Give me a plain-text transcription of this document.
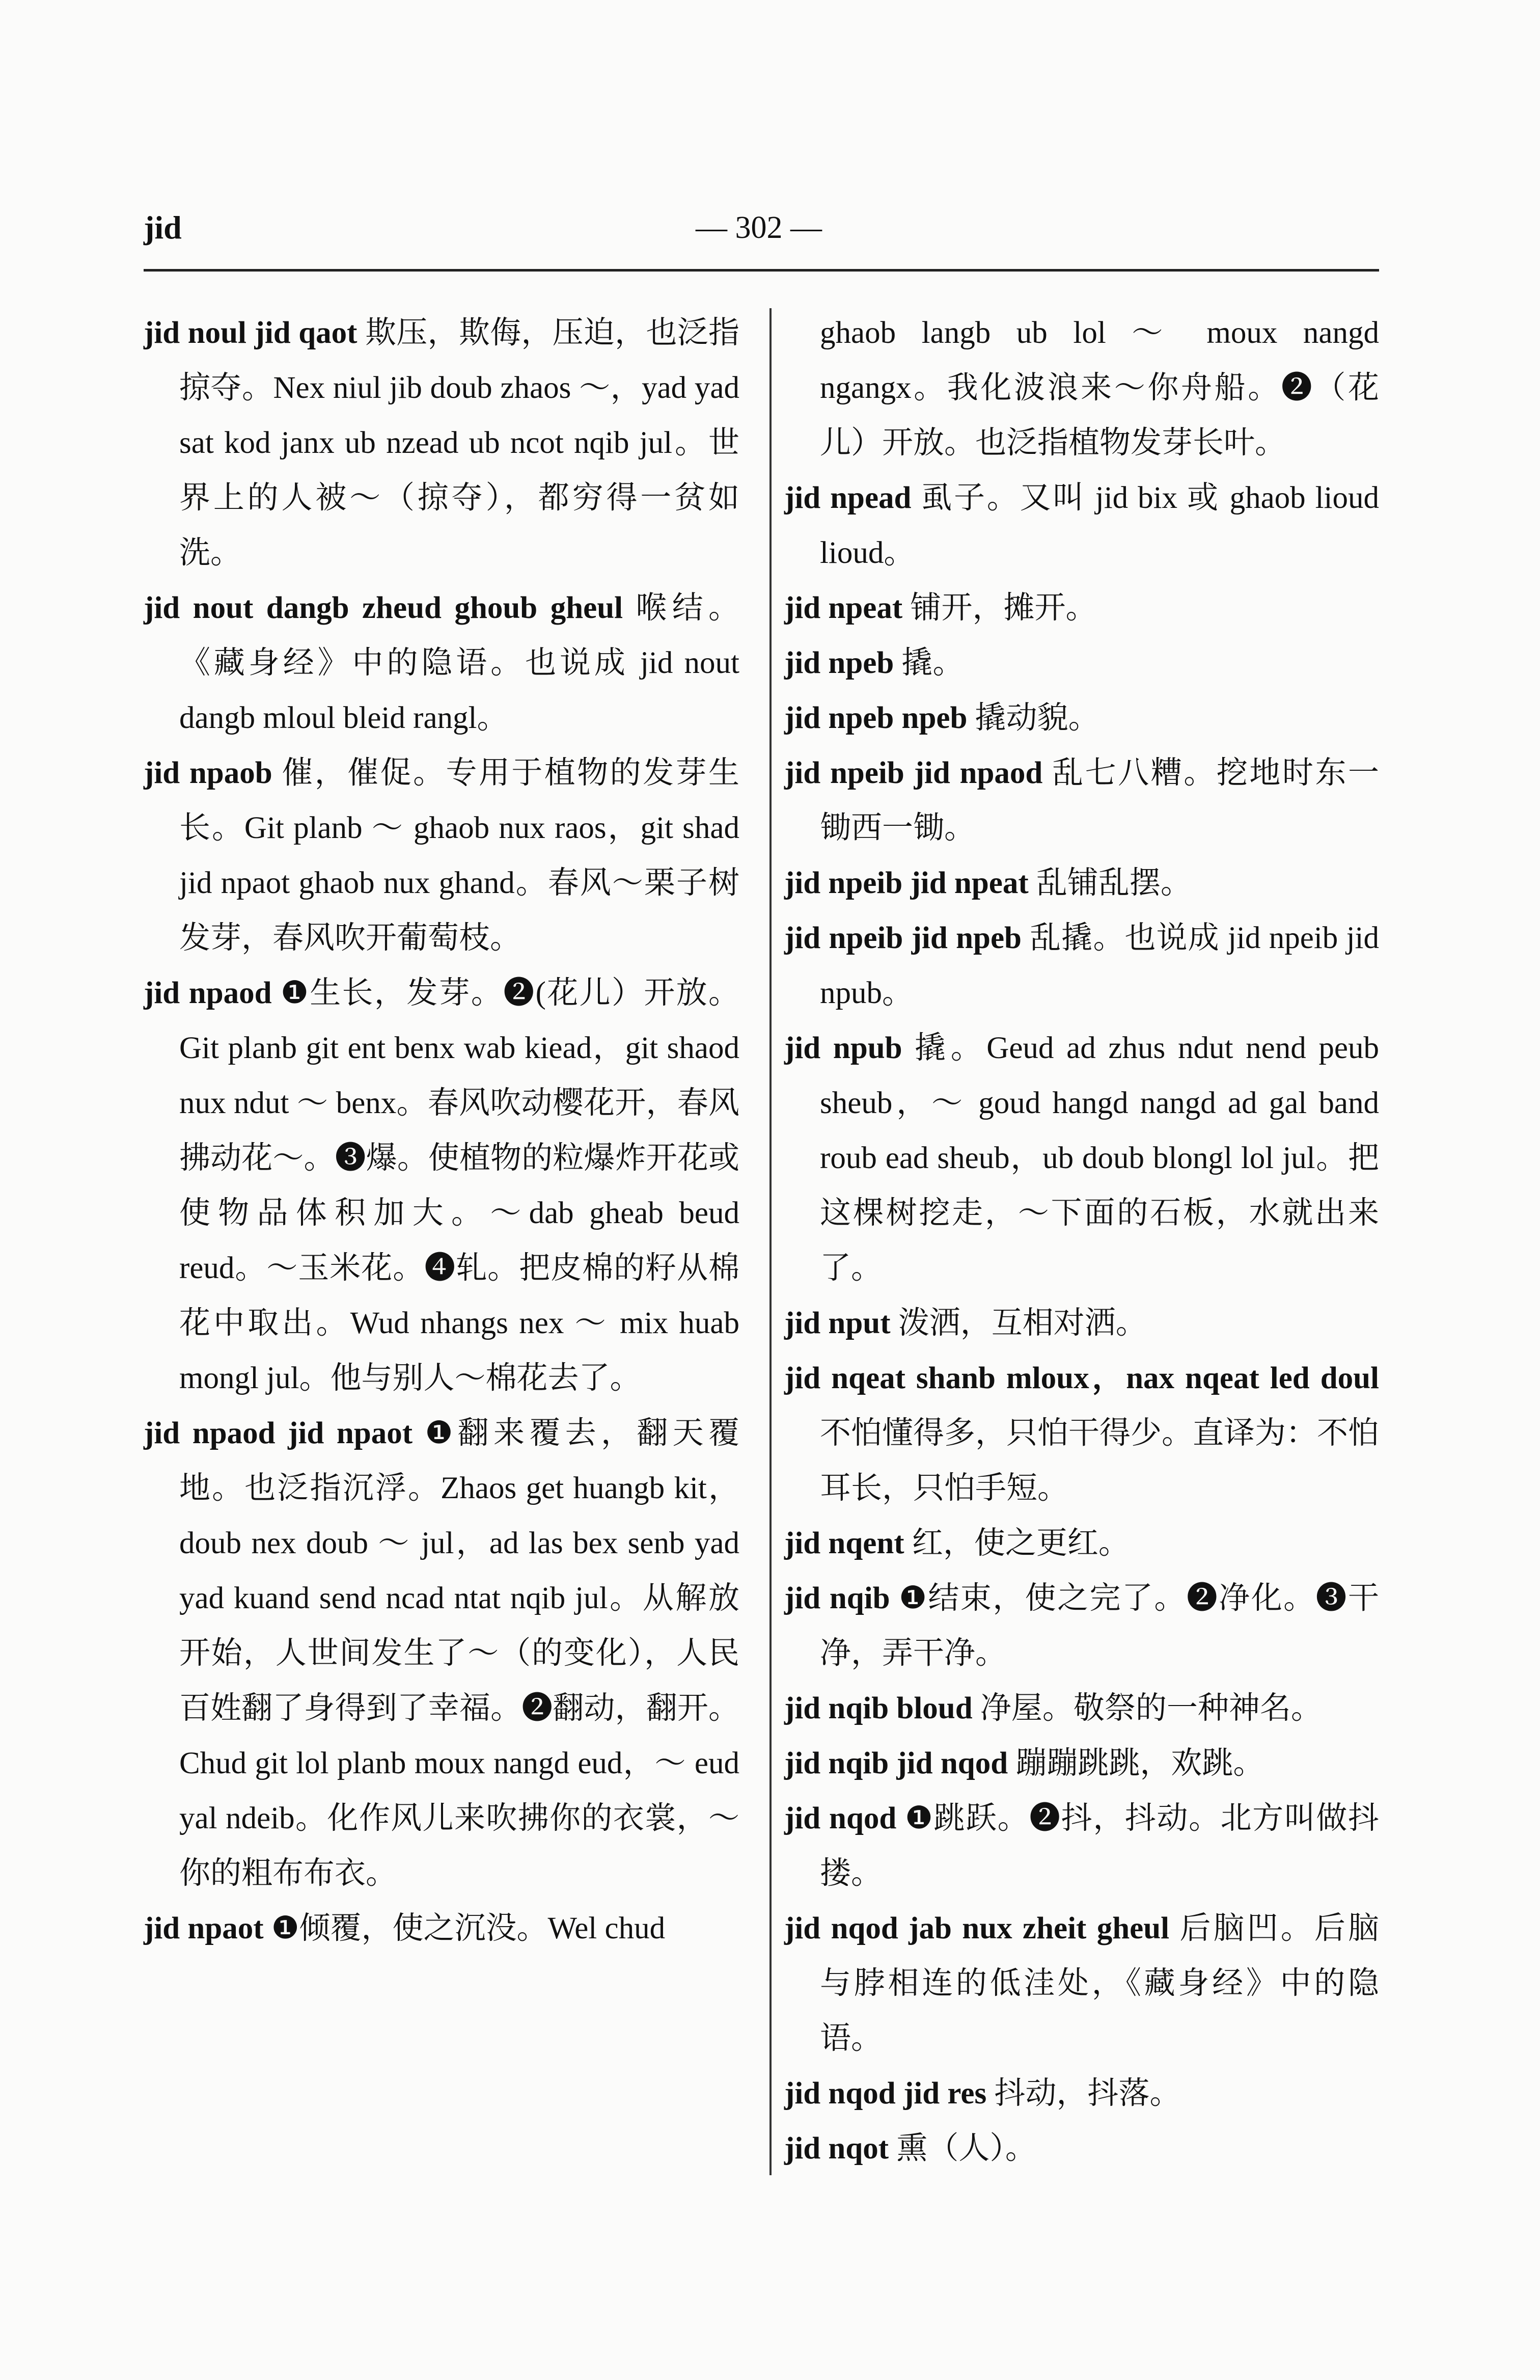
jid	— 302 —

jid noul jid qaot 欺压，欺侮，压迫，也泛指掠夺。Nex niul jib doub zhaos ～，yad yad sat kod janx ub nzead ub ncot nqib jul。世界上的人被～（掠夺），都穷得一贫如洗。

jid nout dangb zheud ghoub gheul 喉结。《藏身经》中的隐语。也说成 jid nout dangb mloul bleid rangl。

jid npaob 催，催促。专用于植物的发芽生长。Git planb ～ ghaob nux raos，git shad jid npaot ghaob nux ghand。春风～栗子树发芽，春风吹开葡萄枝。

jid npaod ❶生长，发芽。❷(花儿）开放。Git planb git ent benx wab kiead，git shaod nux ndut ～ benx。春风吹动樱花开，春风拂动花～。❸爆。使植物的粒爆炸开花或使物品体积加大。～dab gheab beud reud。～玉米花。❹轧。把皮棉的籽从棉花中取出。Wud nhangs nex ～ mix huab mongl jul。他与别人～棉花去了。

jid npaod jid npaot ❶翻来覆去，翻天覆地。也泛指沉浮。Zhaos get huangb kit，doub nex doub ～ jul，ad las bex senb yad yad kuand send ncad ntat nqib jul。从解放开始，人世间发生了～（的变化），人民百姓翻了身得到了幸福。❷翻动，翻开。Chud git lol planb moux nangd eud，～ eud yal ndeib。化作风儿来吹拂你的衣裳，～你的粗布布衣。

jid npaot ❶倾覆，使之沉没。Wel chud

ghaob langb ub lol ～ moux nangd ngangx。我化波浪来～你舟船。❷（花儿）开放。也泛指植物发芽长叶。

jid npead 虱子。又叫 jid bix 或 ghaob lioud lioud。

jid npeat 铺开，摊开。

jid npeb 撬。

jid npeb npeb 撬动貌。

jid npeib jid npaod 乱七八糟。挖地时东一锄西一锄。

jid npeib jid npeat 乱铺乱摆。

jid npeib jid npeb 乱撬。也说成 jid npeib jid npub。

jid npub 撬。Geud ad zhus ndut nend peub sheub，～ goud hangd nangd ad gal band roub ead sheub，ub doub blongl lol jul。把这棵树挖走，～下面的石板，水就出来了。

jid nput 泼洒，互相对洒。

jid nqeat shanb mloux，nax nqeat led doul 不怕懂得多，只怕干得少。直译为：不怕耳长，只怕手短。

jid nqent 红，使之更红。

jid nqib ❶结束，使之完了。❷净化。❸干净，弄干净。

jid nqib bloud 净屋。敬祭的一种神名。

jid nqib jid nqod 蹦蹦跳跳，欢跳。

jid nqod ❶跳跃。❷抖，抖动。北方叫做抖搂。

jid nqod jab nux zheit gheul 后脑凹。后脑与脖相连的低洼处，《藏身经》中的隐语。

jid nqod jid res 抖动，抖落。

jid nqot 熏（人）。
